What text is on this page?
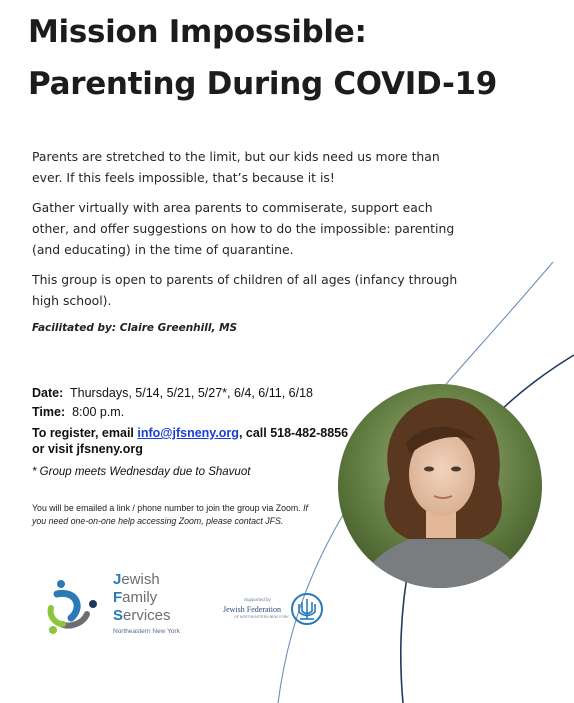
Mission Impossible:
Parenting During COVID-19
Parents are stretched to the limit, but our kids need us more than ever. If this feels impossible, that’s because it is!
Gather virtually with area parents to commiserate, support each other, and offer suggestions on how to do the impossible: parenting (and educating) in the time of quarantine.
This group is open to parents of children of all ages (infancy through high school).
Facilitated by: Claire Greenhill, MS
Date: Thursdays, 5/14, 5/21, 5/27*, 6/4, 6/11, 6/18
Time: 8:00 p.m.
To register, email info@jfsneny.org, call 518-482-8856 or visit jfsneny.org
* Group meets Wednesday due to Shavuot
You will be emailed a link / phone number to join the group via Zoom. If you need one-on-one help accessing Zoom, please contact JFS.
Jewish
Family
Services
Northeastern New York
Supported by
Jewish Federation
OF NORTHEASTERN NEW YORK
